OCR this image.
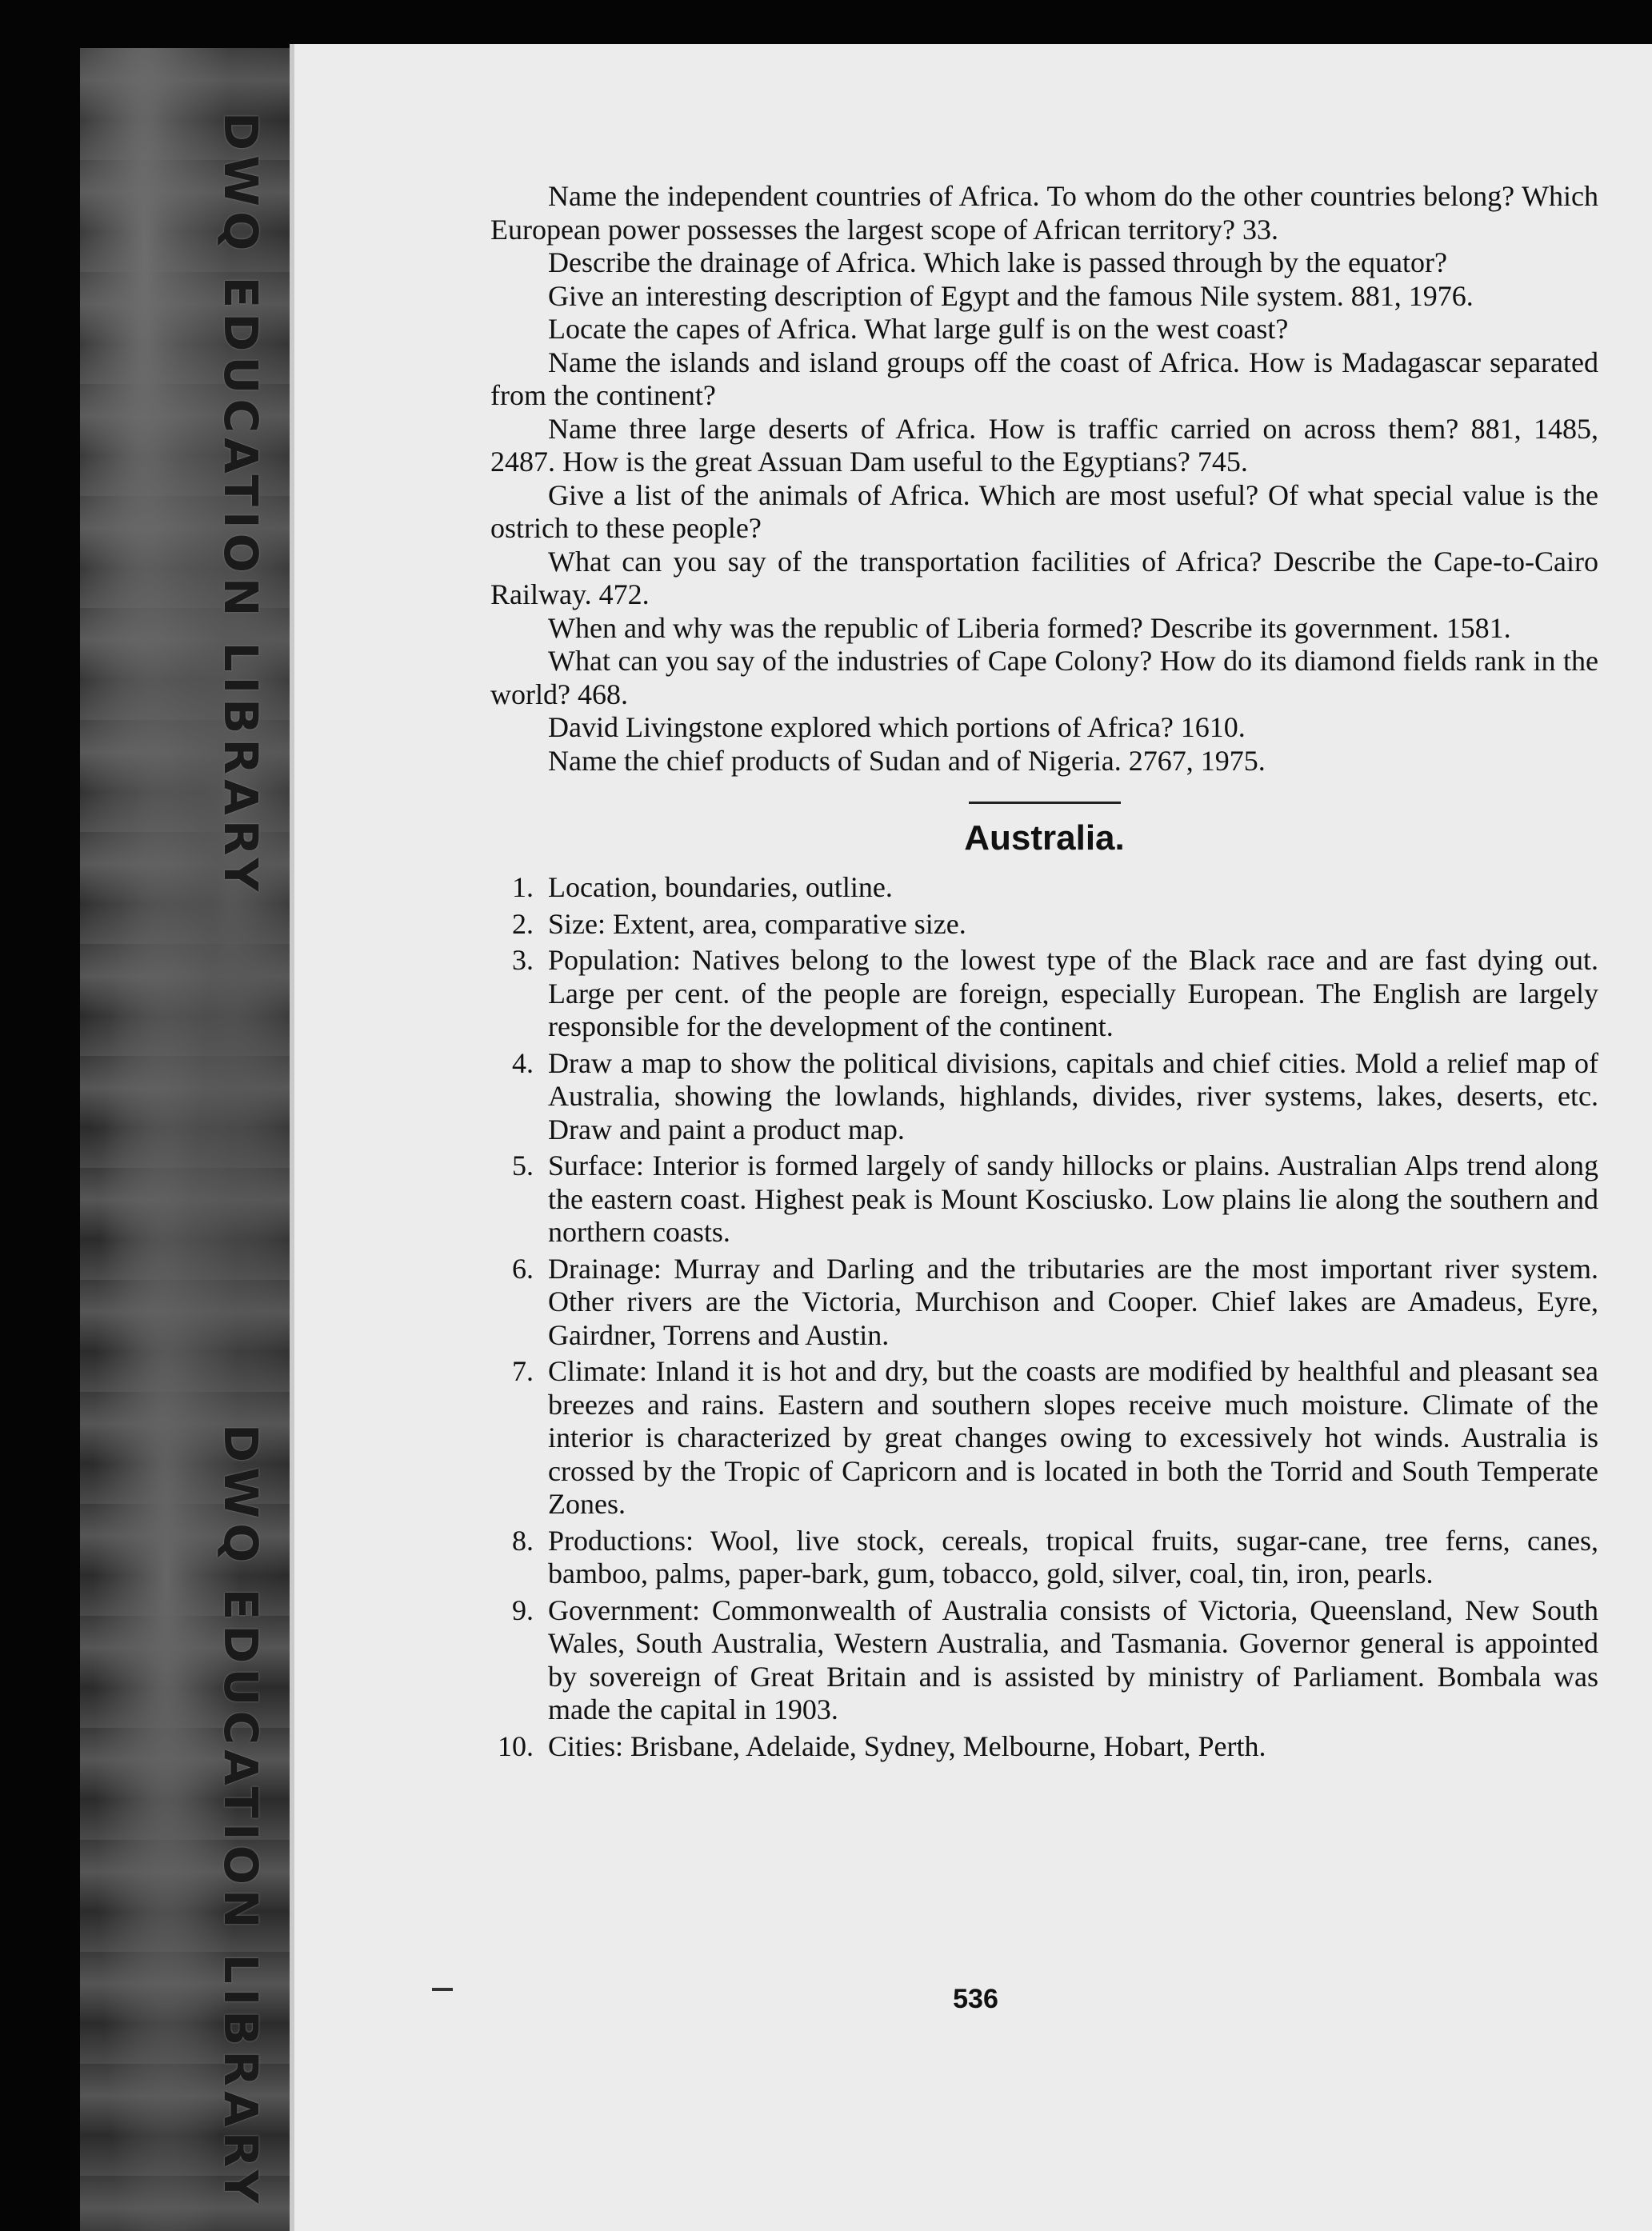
DWQ EDUCATION LIBRARY
DWQ EDUCATION LIBRARY

Name the independent countries of Africa. To whom do the other countries belong? Which European power possesses the largest scope of African territory? 33.

Describe the drainage of Africa. Which lake is passed through by the equator?

Give an interesting description of Egypt and the famous Nile system. 881, 1976.

Locate the capes of Africa. What large gulf is on the west coast?

Name the islands and island groups off the coast of Africa. How is Madagascar separated from the continent?

Name three large deserts of Africa. How is traffic carried on across them? 881, 1485, 2487. How is the great Assuan Dam useful to the Egyptians? 745.

Give a list of the animals of Africa. Which are most useful? Of what special value is the ostrich to these people?

What can you say of the transportation facilities of Africa? Describe the Cape-to-Cairo Railway. 472.

When and why was the republic of Liberia formed? Describe its government. 1581.

What can you say of the industries of Cape Colony? How do its diamond fields rank in the world? 468.

David Livingstone explored which portions of Africa? 1610.

Name the chief products of Sudan and of Nigeria. 2767, 1975.

Australia.
1. Location, boundaries, outline.
2. Size: Extent, area, comparative size.
3. Population: Natives belong to the lowest type of the Black race and are fast dying out. Large per cent. of the people are foreign, especially European. The English are largely responsible for the development of the continent.
4. Draw a map to show the political divisions, capitals and chief cities. Mold a relief map of Australia, showing the lowlands, highlands, divides, river systems, lakes, deserts, etc. Draw and paint a product map.
5. Surface: Interior is formed largely of sandy hillocks or plains. Australian Alps trend along the eastern coast. Highest peak is Mount Kosciusko. Low plains lie along the southern and northern coasts.
6. Drainage: Murray and Darling and the tributaries are the most important river system. Other rivers are the Victoria, Murchison and Cooper. Chief lakes are Amadeus, Eyre, Gairdner, Torrens and Austin.
7. Climate: Inland it is hot and dry, but the coasts are modified by healthful and pleasant sea breezes and rains. Eastern and southern slopes receive much moisture. Climate of the interior is characterized by great changes owing to excessively hot winds. Australia is crossed by the Tropic of Capricorn and is located in both the Torrid and South Temperate Zones.
8. Productions: Wool, live stock, cereals, tropical fruits, sugar-cane, tree ferns, canes, bamboo, palms, paper-bark, gum, tobacco, gold, silver, coal, tin, iron, pearls.
9. Government: Commonwealth of Australia consists of Victoria, Queensland, New South Wales, South Australia, Western Australia, and Tasmania. Governor general is appointed by sovereign of Great Britain and is assisted by ministry of Parliament. Bombala was made the capital in 1903.
10. Cities: Brisbane, Adelaide, Sydney, Melbourne, Hobart, Perth.
536
